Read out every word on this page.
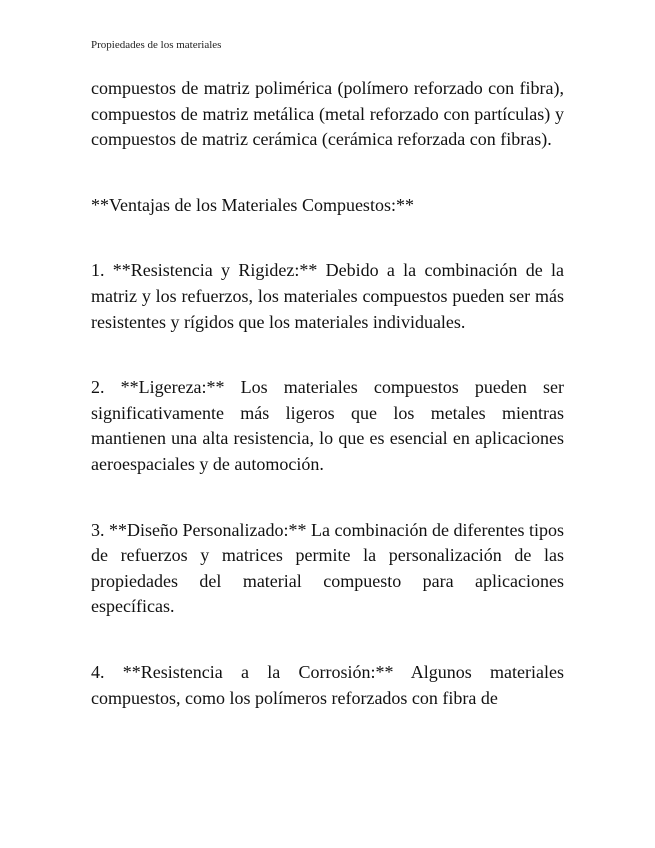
Propiedades de los materiales

compuestos de matriz polimérica (polímero reforzado con fibra), compuestos de matriz metálica (metal reforzado con partículas) y compuestos de matriz cerámica (cerámica reforzada con fibras).

**Ventajas de los Materiales Compuestos:**

1. **Resistencia y Rigidez:** Debido a la combinación de la matriz y los refuerzos, los materiales compuestos pueden ser más resistentes y rígidos que los materiales individuales.

2. **Ligereza:** Los materiales compuestos pueden ser significativamente más ligeros que los metales mientras mantienen una alta resistencia, lo que es esencial en aplicaciones aeroespaciales y de automoción.

3. **Diseño Personalizado:** La combinación de diferentes tipos de refuerzos y matrices permite la personalización de las propiedades del material compuesto para aplicaciones específicas.

4. **Resistencia a la Corrosión:** Algunos materiales compuestos, como los polímeros reforzados con fibra de
